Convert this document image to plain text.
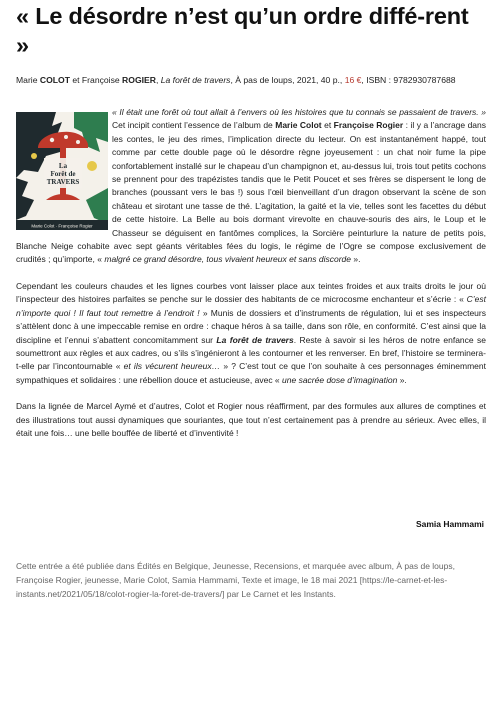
« Le désordre n’est qu’un ordre diffé-rent »
Marie COLOT et Françoise ROGIER, La forêt de travers, À pas de loups, 2021, 40 p., 16 €, ISBN : 9782930787688
La
Forêt de
TRAVERS
Marie Colot · Françoise Rogier

« Il était une forêt où tout allait à l’envers où les histoires que tu connais se passaient de travers. » Cet incipit contient l’essence de l’album de Marie Colot et Françoise Rogier : il y a l’ancrage dans les contes, le jeu des rimes, l’implication directe du lecteur. On est instantanément happé, tout comme par cette double page où le désordre règne joyeusement : un chat noir fume la pipe confortablement installé sur le chapeau d’un champignon et, au-dessus lui, trois tout petits cochons se prennent pour des trapézistes tandis que le Petit Poucet et ses frères se dispersent le long de branches (poussant vers le bas !) sous l’œil bienveillant d’un dragon observant la scène de son château et sirotant une tasse de thé. L’agitation, la gaité et la vie, telles sont les facettes du début de cette histoire. La Belle au bois dormant virevolte en chauve-souris des airs, le Loup et le Chasseur se déguisent en fantômes complices, la Sorcière peinturlure la nature de petits pois, Blanche Neige cohabite avec sept géants véritables fées du logis, le régime de l’Ogre se compose exclusivement de crudités ; qu’importe, « malgré ce grand désordre, tous vivaient heureux et sans discorde ».

Cependant les couleurs chaudes et les lignes courbes vont laisser place aux teintes froides et aux traits droits le jour où l’inspecteur des histoires parfaites se penche sur le dossier des habitants de ce microcosme enchanteur et s’écrie : « C’est n’importe quoi ! Il faut tout remettre à l’endroit ! » Munis de dossiers et d’instruments de régulation, lui et ses inspecteurs s’attèlent donc à une impeccable remise en ordre : chaque héros à sa taille, dans son rôle, en conformité. C’est ainsi que la discipline et l’ennui s’abattent concomitamment sur La forêt de travers. Reste à savoir si les héros de notre enfance se soumettront aux règles et aux cadres, ou s’ils s’ingénieront à les contourner et les renverser. En bref, l’histoire se terminera-t-elle par l’incontournable « et ils vécurent heureux… » ? C’est tout ce que l’on souhaite à ces personnages éminemment sympathiques et solidaires : une rébellion douce et astucieuse, avec « une sacrée dose d’imagination ».

Dans la lignée de Marcel Aymé et d’autres, Colot et Rogier nous réaffirment, par des formules aux allures de comptines et des illustrations tout aussi dynamiques que souriantes, que tout n’est certainement pas à prendre au sérieux. Avec elles, il était une fois… une belle bouffée de liberté et d’inventivité !

Samia Hammami
Cette entrée a été publiée dans Édités en Belgique, Jeunesse, Recensions, et marquée avec album, À pas de loups, Françoise Rogier, jeunesse, Marie Colot, Samia Hammami, Texte et image, le 18 mai 2021 [https://le-carnet-et-les-instants.net/2021/05/18/colot-rogier-la-foret-de-travers/] par Le Carnet et les Instants.
